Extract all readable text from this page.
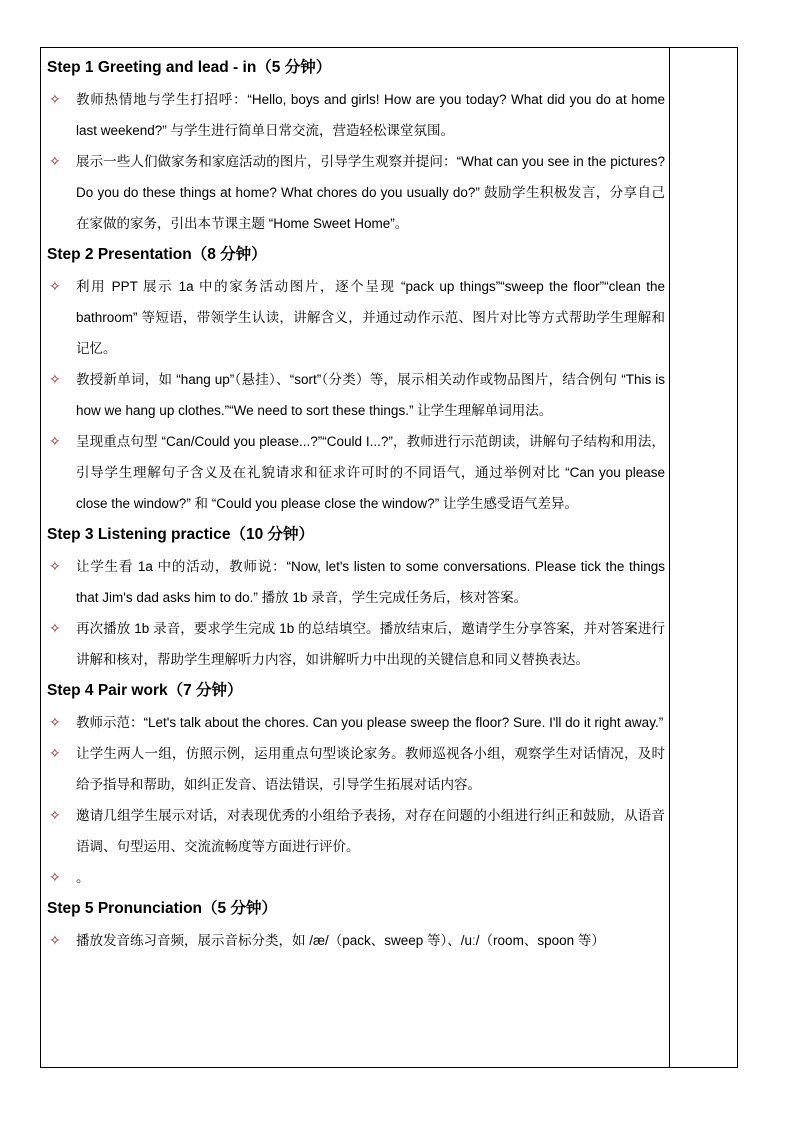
Step 1 Greeting and lead - in（5 分钟）
✧ 教师热情地与学生打招呼：“Hello, boys and girls! How are you today? What did you do at home last weekend?” 与学生进行简单日常交流，营造轻松课堂氛围。
✧ 展示一些人们做家务和家庭活动的图片，引导学生观察并提问：“What can you see in the pictures? Do you do these things at home? What chores do you usually do?” 鼓励学生积极发言，分享自己在家做的家务，引出本节课主题 “Home Sweet Home”。
Step 2 Presentation（8 分钟）
✧ 利用 PPT 展示 1a 中的家务活动图片，逐个呈现 “pack up things”“sweep the floor”“clean the bathroom” 等短语，带领学生认读，讲解含义，并通过动作示范、图片对比等方式帮助学生理解和记忆。
✧ 教授新单词，如 “hang up”（悬挂）、“sort”（分类）等，展示相关动作或物品图片，结合例句 “This is how we hang up clothes.”“We need to sort these things.” 让学生理解单词用法。
✧ 呈现重点句型 “Can/Could you please...?”“Could I...?”，教师进行示范朗读，讲解句子结构和用法，引导学生理解句子含义及在礼貌请求和征求许可时的不同语气，通过举例对比 “Can you please close the window?” 和 “Could you please close the window?” 让学生感受语气差异。
Step 3 Listening practice（10 分钟）
✧ 让学生看 1a 中的活动，教师说：“Now, let's listen to some conversations. Please tick the things that Jim's dad asks him to do.” 播放 1b 录音，学生完成任务后，核对答案。
✧ 再次播放 1b 录音，要求学生完成 1b 的总结填空。播放结束后，邀请学生分享答案，并对答案进行讲解和核对，帮助学生理解听力内容，如讲解听力中出现的关键信息和同义替换表达。
Step 4 Pair work（7 分钟）
✧ 教师示范：“Let's talk about the chores. Can you please sweep the floor? Sure. I'll do it right away.”
✧ 让学生两人一组，仿照示例，运用重点句型谈论家务。教师巡视各小组，观察学生对话情况，及时给予指导和帮助，如纠正发音、语法错误，引导学生拓展对话内容。
✧ 邀请几组学生展示对话，对表现优秀的小组给予表扬，对存在问题的小组进行纠正和鼓励，从语音语调、句型运用、交流流畅度等方面进行评价。
✧ 。
Step 5 Pronunciation（5 分钟）
✧ 播放发音练习音频，展示音标分类，如 /æ/（pack、sweep 等）、/uː/（room、spoon 等）
